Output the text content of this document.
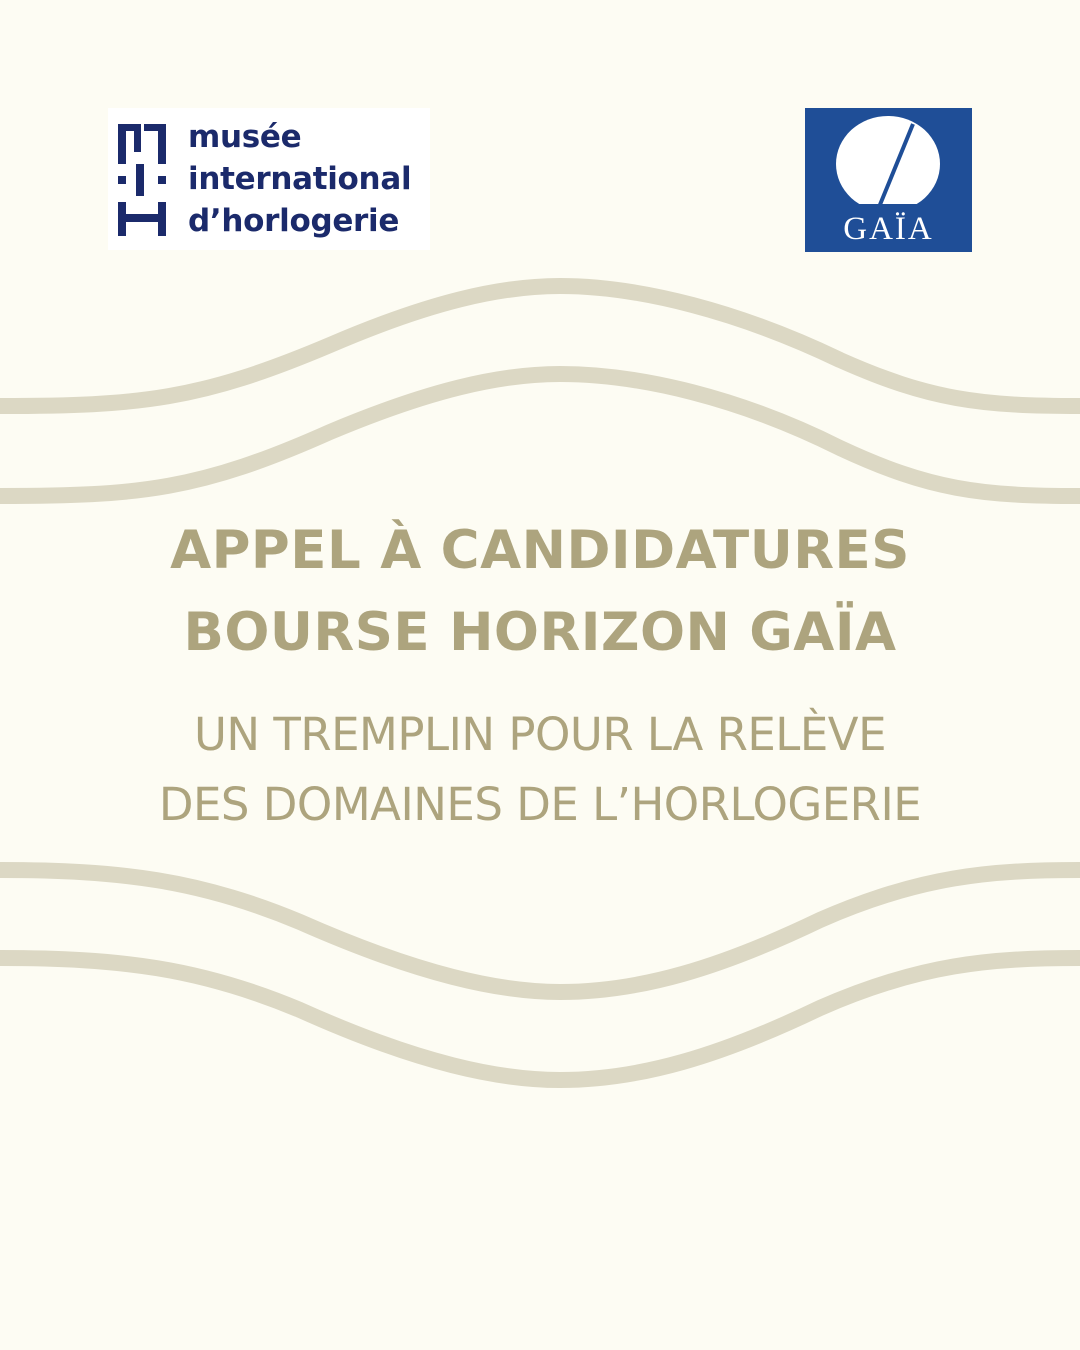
musée
international
d’horlogerie	GAÏA
APPEL À CANDIDATURES
BOURSE HORIZON GAÏA
UN TREMPLIN POUR LA RELÈVE
DES DOMAINES DE L’HORLOGERIE
